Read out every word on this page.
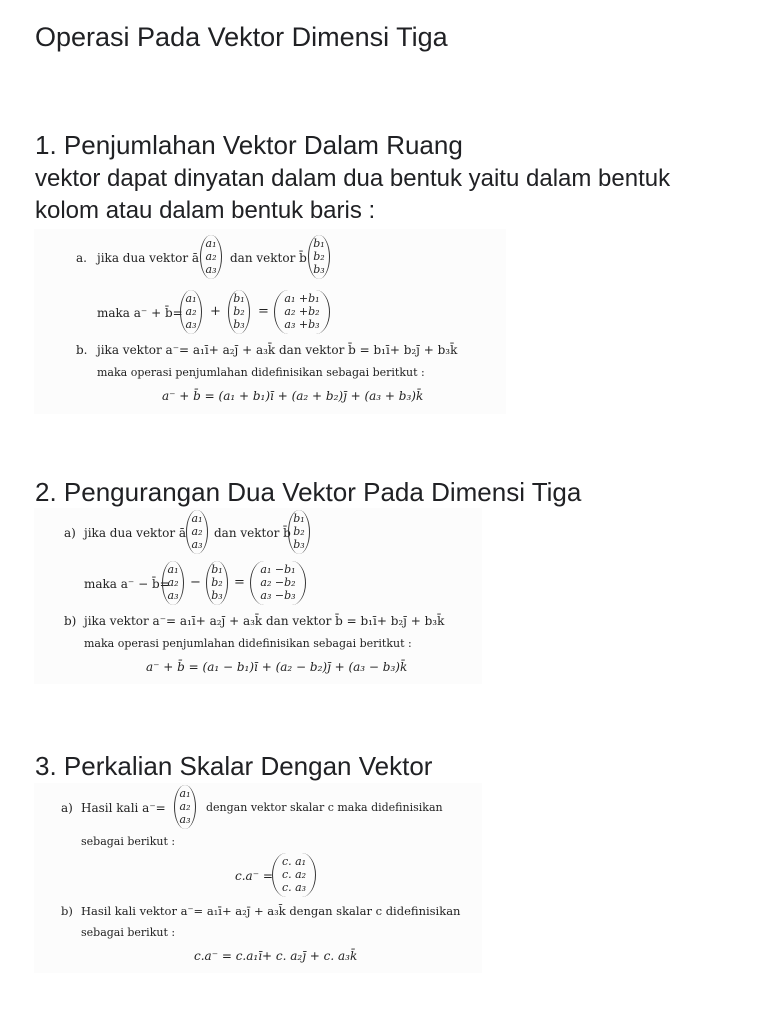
Operasi Pada Vektor Dimensi Tiga
1. Penjumlahan Vektor Dalam Ruang
vektor dapat dinyatan dalam dua bentuk yaitu dalam bentuk kolom atau dalam bentuk baris :
a. jika dua vektor ā
a₁
a₂
a₃
dan vektor b̄
b₁
b₂
b₃
maka a⁻ + b̄=
a₁
a₂
a₃
+
b₁
b₂
b₃
=
a₁ +b₁
a₂ +b₂
a₃ +b₃
b. jika vektor a⁻= a₁ī+ a₂j̄ + a₃k̄ dan vektor b̄ = b₁ī+ b₂j̄ + b₃k̄
maka operasi penjumlahan didefinisikan sebagai beritkut :
a⁻ + b̄ = (a₁ + b₁)ī + (a₂ + b₂)j̄ + (a₃ + b₃)k̄
2. Pengurangan Dua Vektor Pada Dimensi Tiga
a) jika dua vektor ā
a₁
a₂
a₃
dan vektor b̄
b₁
b₂
b₃
maka a⁻ − b̄=
a₁
a₂
a₃
−
b₁
b₂
b₃
=
a₁ −b₁
a₂ −b₂
a₃ −b₃
b) jika vektor a⁻= a₁ī+ a₂j̄ + a₃k̄ dan vektor b̄ = b₁ī+ b₂j̄ + b₃k̄
maka operasi penjumlahan didefinisikan sebagai beritkut :
a⁻ + b̄ = (a₁ − b₁)ī + (a₂ − b₂)j̄ + (a₃ − b₃)k̄
3. Perkalian Skalar Dengan Vektor
a) Hasil kali a⁻=
a₁
a₂
a₃
dengan vektor skalar c maka didefinisikan
sebagai berikut :
c.a⁻ =
c. a₁
c. a₂
c. a₃
b) Hasil kali vektor a⁻= a₁ī+ a₂j̄ + a₃k̄ dengan skalar c didefinisikan
sebagai berikut :
c.a⁻ = c.a₁ī+ c. a₂j̄ + c. a₃k̄
